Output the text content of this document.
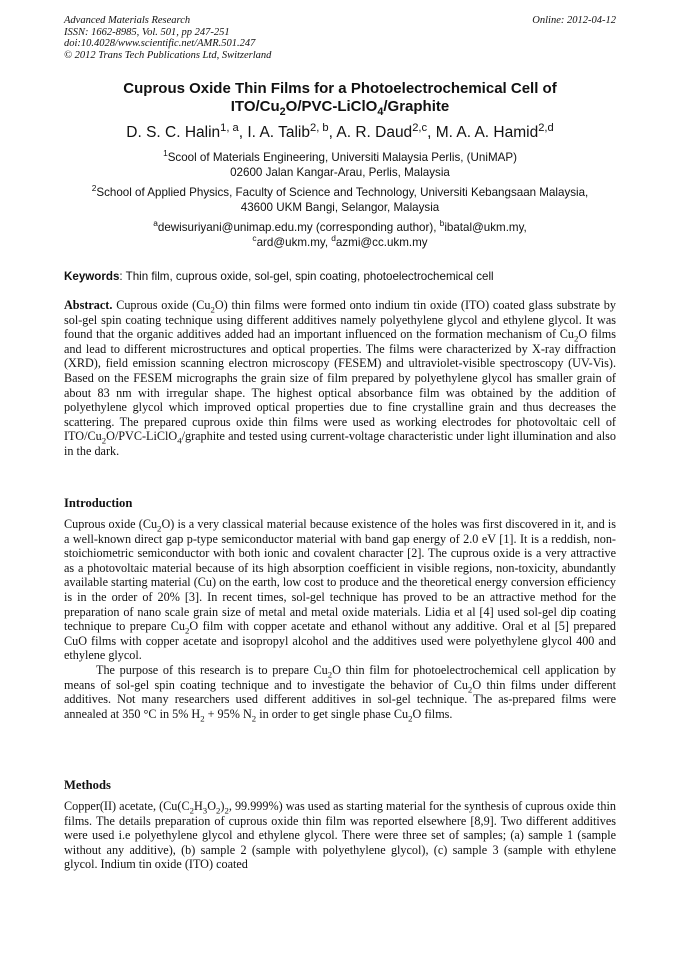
Advanced Materials Research
ISSN: 1662-8985, Vol. 501, pp 247-251
doi:10.4028/www.scientific.net/AMR.501.247
© 2012 Trans Tech Publications Ltd, Switzerland
Online: 2012-04-12
Cuprous Oxide Thin Films for a Photoelectrochemical Cell of
ITO/$Cu_2O/PVC-LiClO_4$/Graphite
D. S. C. Halin$^{1, a}$, I. A. Talib$^{2, b}$, A. R. Daud$^{2,c}$, M. A. A. Hamid$^{2,d}$
$^1$Scool of Materials Engineering, Universiti Malaysia Perlis, (UniMAP)
02600 Jalan Kangar-Arau, Perlis, Malaysia
$^2$School of Applied Physics, Faculty of Science and Technology, Universiti Kebangsaan Malaysia,
43600 UKM Bangi, Selangor, Malaysia
$^a$dewisuriyani@unimap.edu.my (corresponding author), $^b$ibatal@ukm.my,
$^c$ard@ukm.my, $^d$azmi@cc.ukm.my
Keywords: Thin film, cuprous oxide, sol-gel, spin coating, photoelectrochemical cell

Abstract. Cuprous oxide $(Cu_2O)$ thin films were formed onto indium tin oxide (ITO) coated glass substrate by sol-gel spin coating technique using different additives namely polyethylene glycol and ethylene glycol. It was found that the organic additives added had an important influenced on the formation mechanism of $Cu_2O$ films and lead to different microstructures and optical properties. The films were characterized by X-ray diffraction (XRD), field emission scanning electron microscopy (FESEM) and ultraviolet-visible spectroscopy (UV-Vis). Based on the FESEM micrographs the grain size of film prepared by polyethylene glycol has smaller grain of about 83 nm with irregular shape. The highest optical absorbance film was obtained by the addition of polyethylene glycol which improved optical properties due to fine crystalline grain and thus decreases the scattering. The prepared cuprous oxide thin films were used as working electrodes for photovoltaic cell of ITO/$Cu_2O/PVC-LiClO_4$/graphite and tested using current-voltage characteristic under light illumination and also in the dark.

Introduction

Cuprous oxide $(Cu_2O)$ is a very classical material because existence of the holes was first discovered in it, and is a well-known direct gap p-type semiconductor material with band gap energy of 2.0 eV [1]. It is a reddish, non-stoichiometric semiconductor with both ionic and covalent character [2]. The cuprous oxide is a very attractive as a photovoltaic material because of its high absorption coefficient in visible regions, non-toxicity, abundantly available starting material (Cu) on the earth, low cost to produce and the theoretical energy conversion efficiency is in the order of 20% [3]. In recent times, sol-gel technique has proved to be an attractive method for the preparation of nano scale grain size of metal and metal oxide materials. Lidia et al [4] used sol-gel dip coating technique to prepare $Cu_2O$ film with copper acetate and ethanol without any additive. Oral et al [5] prepared CuO films with copper acetate and isopropyl alcohol and the additives used were polyethylene glycol 400 and ethylene glycol.

The purpose of this research is to prepare $Cu_2O$ thin film for photoelectrochemical cell application by means of sol-gel spin coating technique and to investigate the behavior of $Cu_2O$ thin films under different additives. Not many researchers used different additives in sol-gel technique. The as-prepared films were annealed at 350 °C in 5% $H_2 + 95\%$ $N_2$ in order to get single phase $Cu_2O$ films.

Methods

Copper(II) acetate, ($Cu(C_2H_3O_2)_2$, 99.999%) was used as starting material for the synthesis of cuprous oxide thin films. The details preparation of cuprous oxide thin film was reported elsewhere [8,9]. Two different additives were used i.e polyethylene glycol and ethylene glycol. There were three set of samples; (a) sample 1 (sample without any additive), (b) sample 2 (sample with polyethylene glycol), (c) sample 3 (sample with ethylene glycol. Indium tin oxide (ITO) coated
